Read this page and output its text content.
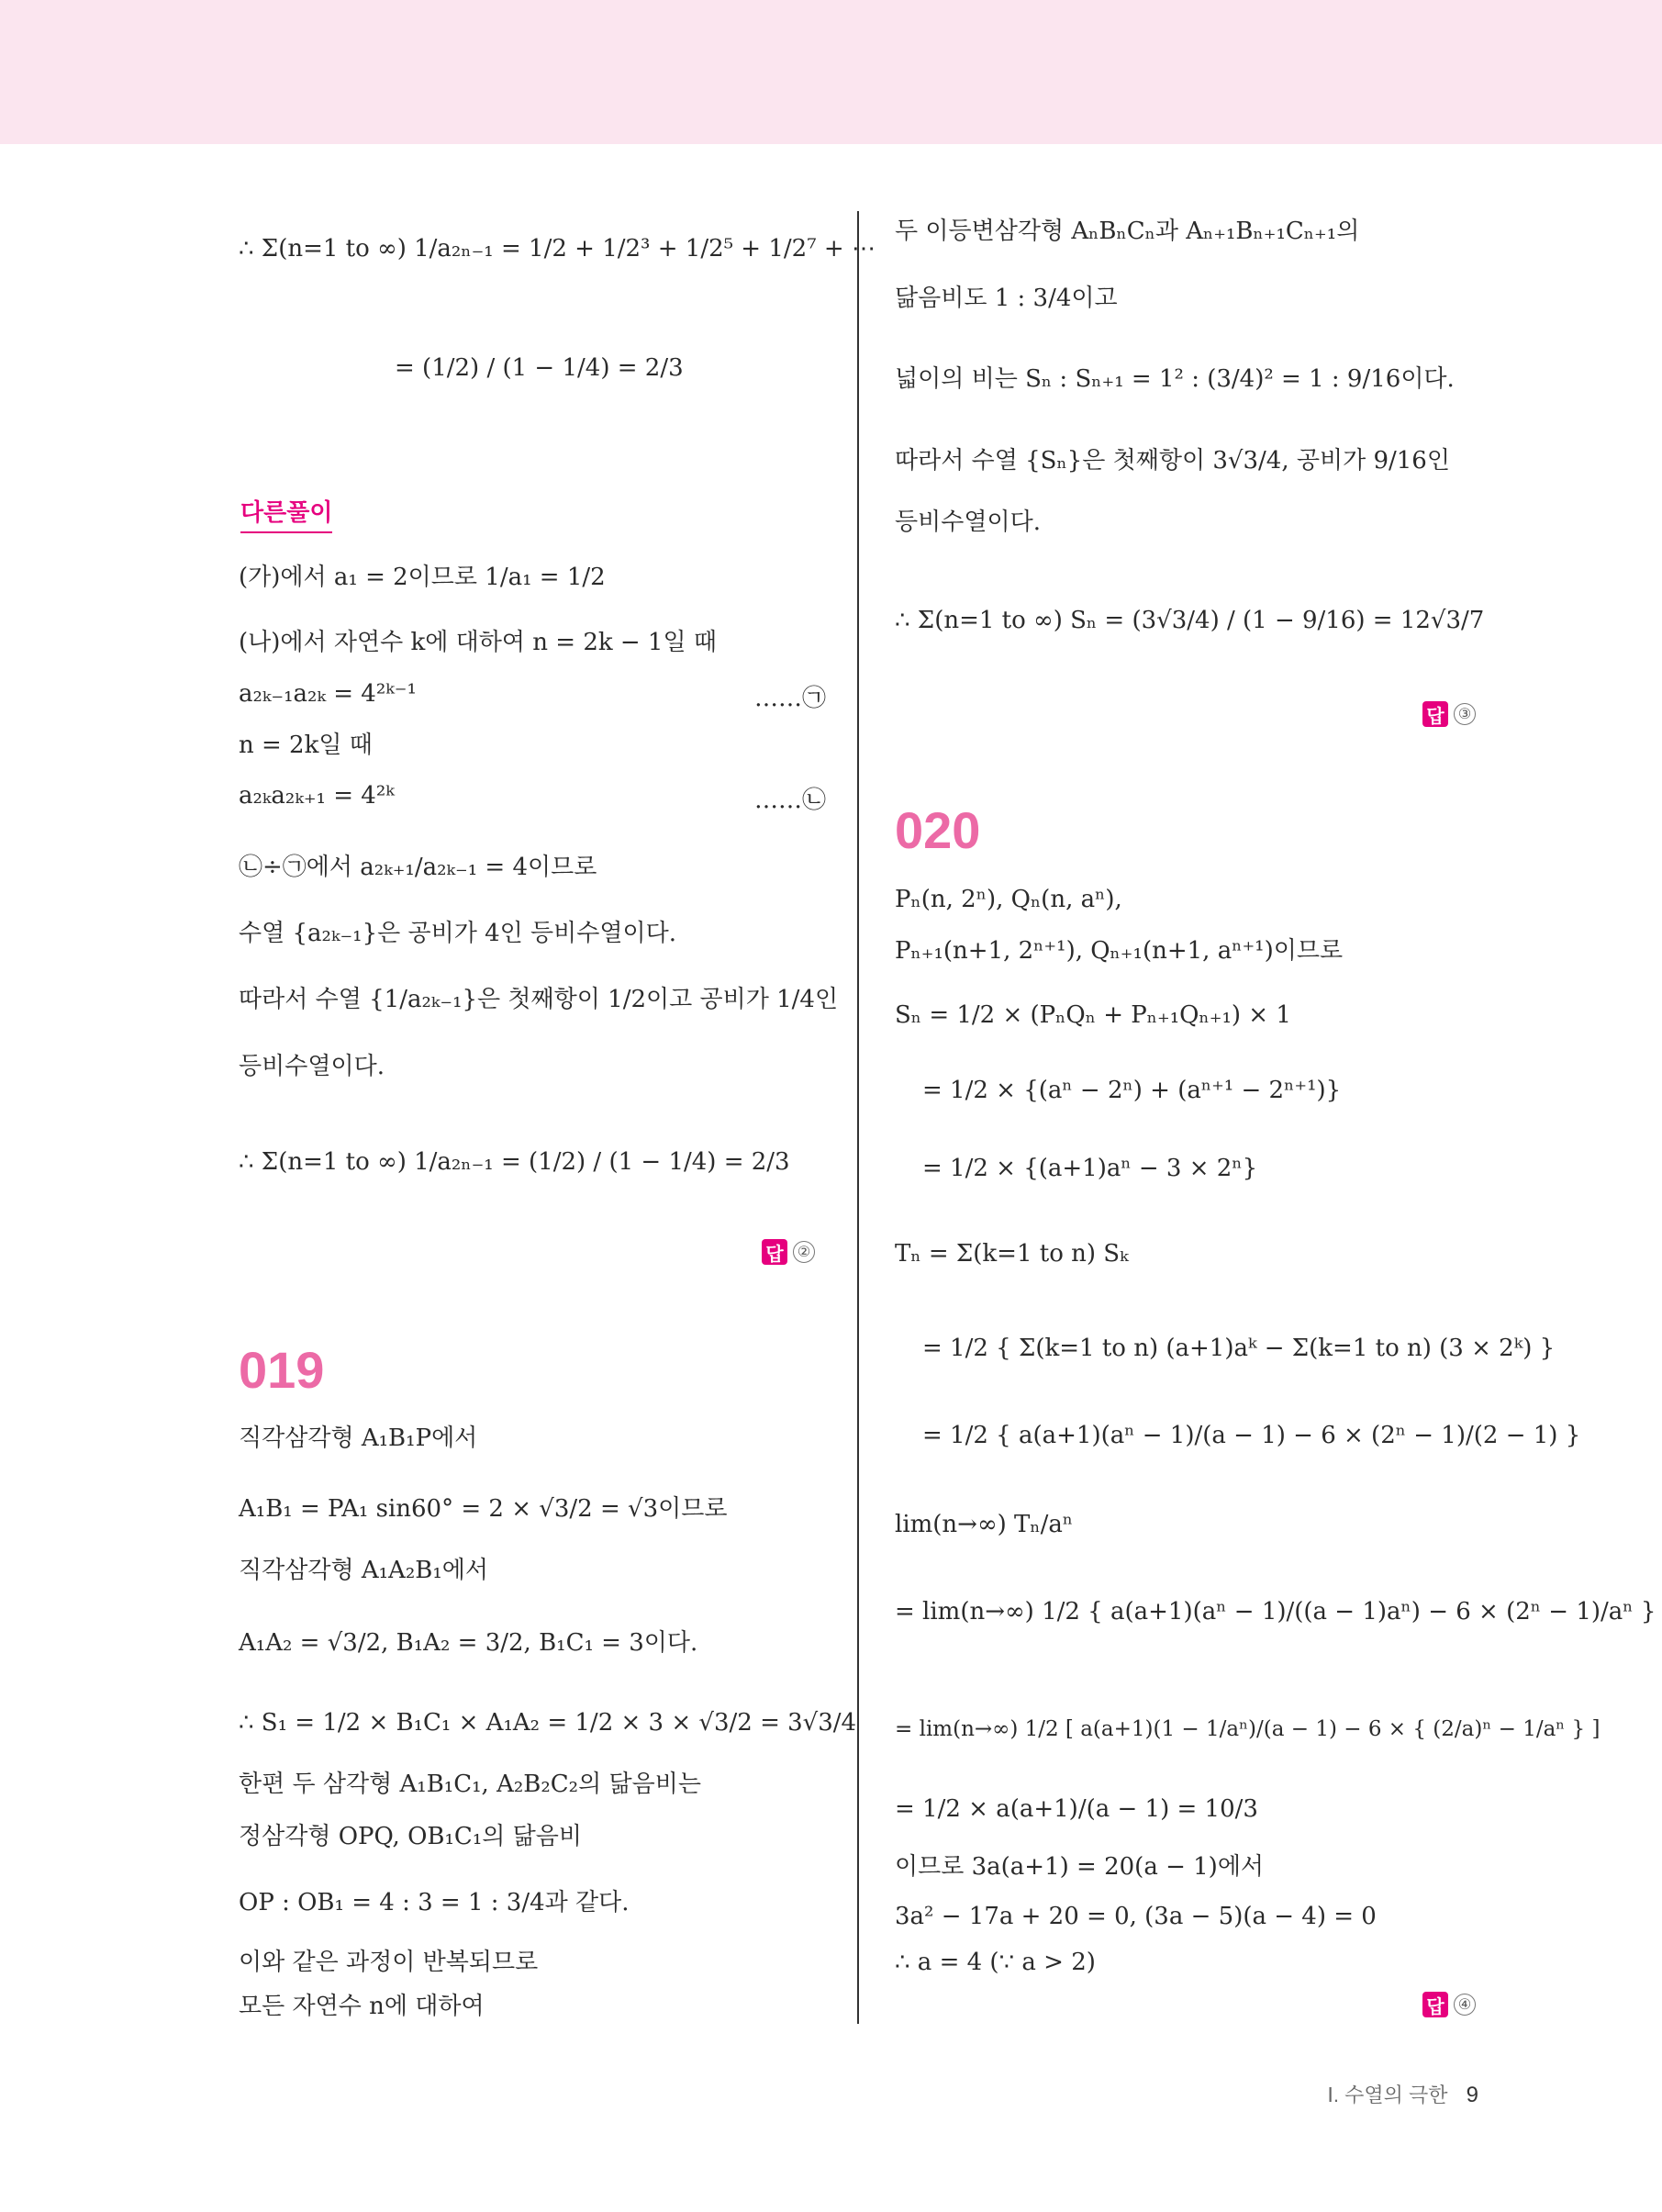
∴ Σ(n=1 to ∞) 1/a₂ₙ₋₁ = 1/2 + 1/2³ + 1/2⁵ + 1/2⁷ + ⋯
= (1/2) / (1 − 1/4) = 2/3
다른풀이
(가)에서 a₁ = 2이므로 1/a₁ = 1/2
(나)에서 자연수 k에 대하여 n = 2k − 1일 때
a₂ₖ₋₁a₂ₖ = 4²ᵏ⁻¹	……㉠
n = 2k일 때
a₂ₖa₂ₖ₊₁ = 4²ᵏ	……㉡
㉡÷㉠에서 a₂ₖ₊₁/a₂ₖ₋₁ = 4이므로
수열 {a₂ₖ₋₁}은 공비가 4인 등비수열이다.
따라서 수열 {1/a₂ₖ₋₁}은 첫째항이 1/2이고 공비가 1/4인
등비수열이다.
∴ Σ(n=1 to ∞) 1/a₂ₙ₋₁ = (1/2) / (1 − 1/4) = 2/3
답 ②
019
직각삼각형 A₁B₁P에서
A₁B₁ = PA₁ sin60° = 2 × √3/2 = √3이므로
직각삼각형 A₁A₂B₁에서
A₁A₂ = √3/2, B₁A₂ = 3/2, B₁C₁ = 3이다.
∴ S₁ = 1/2 × B₁C₁ × A₁A₂ = 1/2 × 3 × √3/2 = 3√3/4
한편 두 삼각형 A₁B₁C₁, A₂B₂C₂의 닮음비는
정삼각형 OPQ, OB₁C₁의 닮음비
OP : OB₁ = 4 : 3 = 1 : 3/4과 같다.
이와 같은 과정이 반복되므로
모든 자연수 n에 대하여
두 이등변삼각형 AₙBₙCₙ과 Aₙ₊₁Bₙ₊₁Cₙ₊₁의
닮음비도 1 : 3/4이고
넓이의 비는 Sₙ : Sₙ₊₁ = 1² : (3/4)² = 1 : 9/16이다.
따라서 수열 {Sₙ}은 첫째항이 3√3/4, 공비가 9/16인
등비수열이다.
∴ Σ(n=1 to ∞) Sₙ = (3√3/4) / (1 − 9/16) = 12√3/7
답 ③
020
Pₙ(n, 2ⁿ), Qₙ(n, aⁿ),
Pₙ₊₁(n+1, 2ⁿ⁺¹), Qₙ₊₁(n+1, aⁿ⁺¹)이므로
Sₙ = 1/2 × (PₙQₙ + Pₙ₊₁Qₙ₊₁) × 1
= 1/2 × {(aⁿ − 2ⁿ) + (aⁿ⁺¹ − 2ⁿ⁺¹)}
= 1/2 × {(a+1)aⁿ − 3 × 2ⁿ}
Tₙ = Σ(k=1 to n) Sₖ
= 1/2 { Σ(k=1 to n) (a+1)aᵏ − Σ(k=1 to n) (3 × 2ᵏ) }
= 1/2 { a(a+1)(aⁿ − 1)/(a − 1) − 6 × (2ⁿ − 1)/(2 − 1) }
lim(n→∞) Tₙ/aⁿ
= lim(n→∞) 1/2 { a(a+1)(aⁿ − 1)/((a − 1)aⁿ) − 6 × (2ⁿ − 1)/aⁿ }
= lim(n→∞) 1/2 [ a(a+1)(1 − 1/aⁿ)/(a − 1) − 6 × { (2/a)ⁿ − 1/aⁿ } ]
= 1/2 × a(a+1)/(a − 1) = 10/3
이므로 3a(a+1) = 20(a − 1)에서
3a² − 17a + 20 = 0, (3a − 5)(a − 4) = 0
∴ a = 4 (∵ a > 2)
답 ④
Ⅰ. 수열의 극한 9
